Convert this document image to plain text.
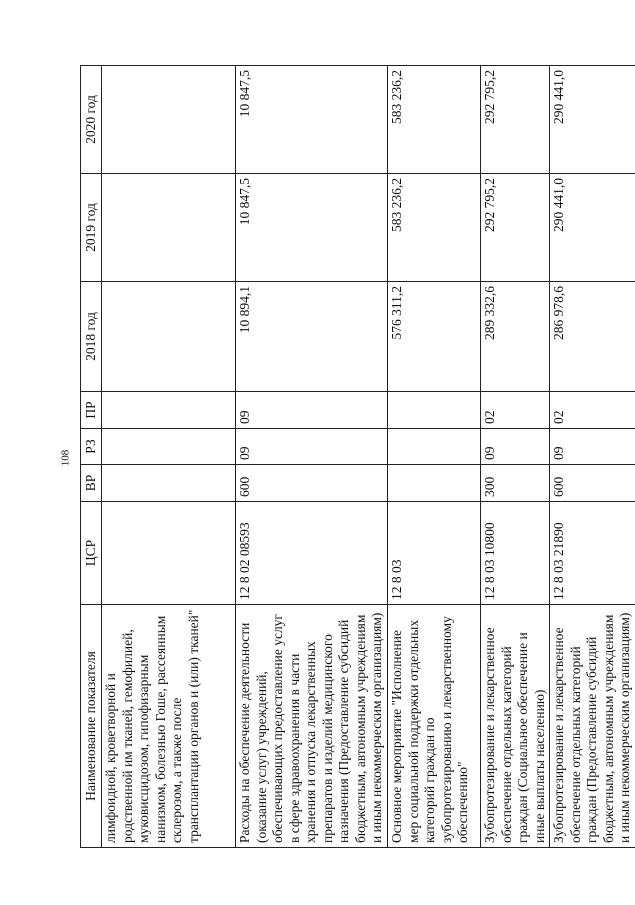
108
Наименование показателя	ЦСР	ВР	РЗ	ПР	2018 год	2019 год	2020 год
лимфоидной, кроветворной и родственной им тканей, гемофилией, муковисцидозом, гипофизарным нанизмом, болезнью Гоше, рассеянным склерозом, а также после трансплантации органов и (или) тканей"							
Расходы на обеспечение деятельности (оказание услуг) учреждений, обеспечивающих предоставление услуг в сфере здравоохранения в части хранения и отпуска лекарственных препаратов и изделий медицинского назначения (Предоставление субсидий бюджетным, автономным учреждениям и иным некоммерческим организациям)	12 8 02 08593	600	09	09	10 894,1	10 847,5	10 847,5
Основное мероприятие "Исполнение мер социальной поддержки отдельных категорий граждан по зубопротезированию и лекарственному обеспечению"	12 8 03				576 311,2	583 236,2	583 236,2
Зубопротезирование и лекарственное обеспечение отдельных категорий граждан (Социальное обеспечение и иные выплаты населению)	12 8 03 10800	300	09	02	289 332,6	292 795,2	292 795,2
Зубопротезирование и лекарственное обеспечение отдельных категорий граждан (Предоставление субсидий бюджетным, автономным учреждениям и иным некоммерческим организациям)	12 8 03 21890	600	09	02	286 978,6	290 441,0	290 441,0
